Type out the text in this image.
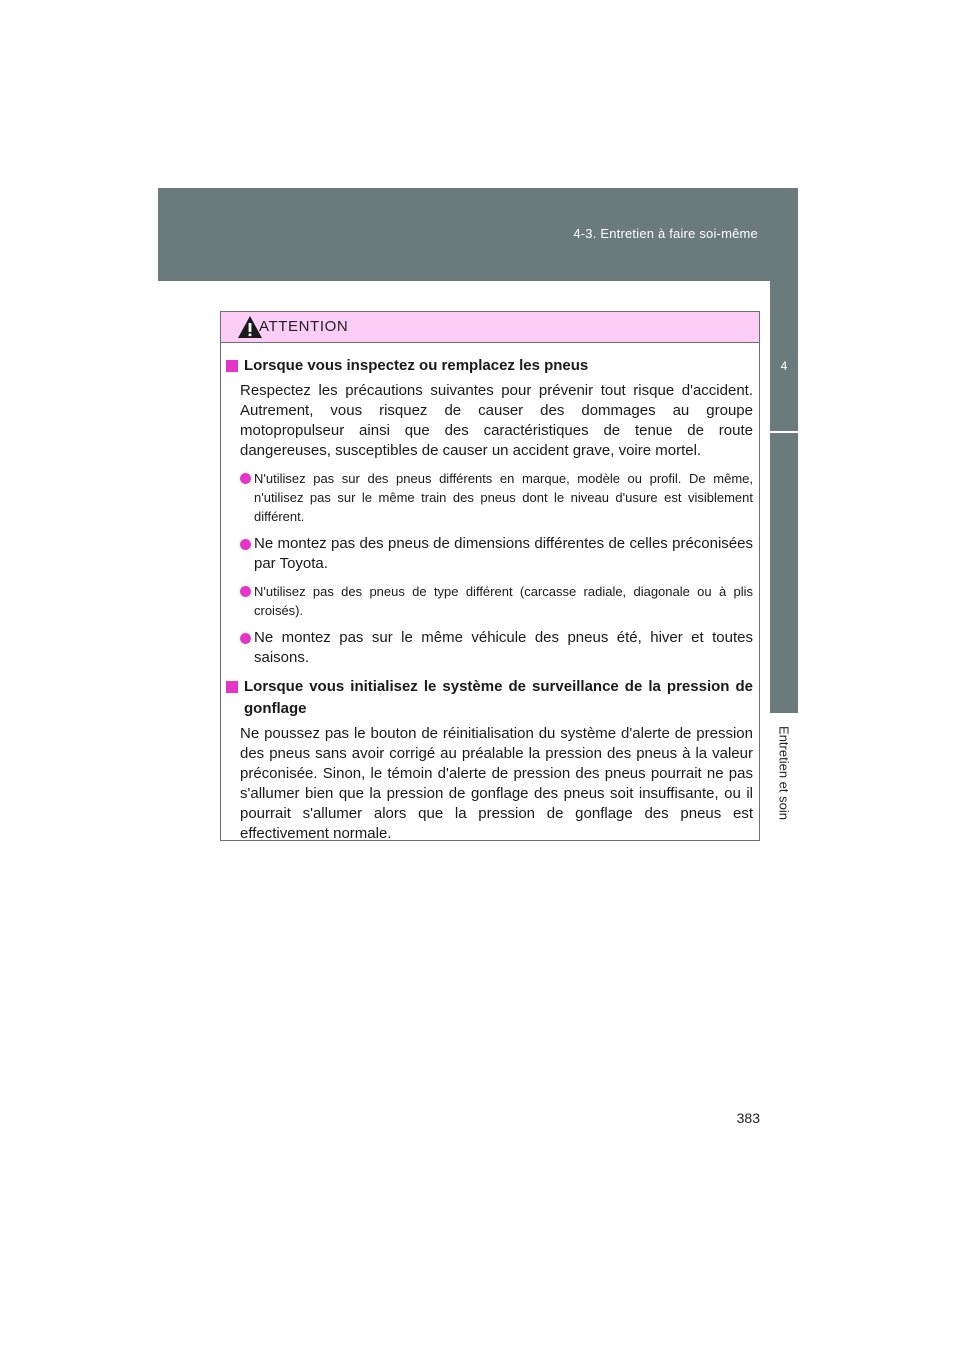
4-3. Entretien à faire soi-même
4
Entretien et soin
ATTENTION
Lorsque vous inspectez ou remplacez les pneus
Respectez les précautions suivantes pour prévenir tout risque d'accident. Autrement, vous risquez de causer des dommages au groupe motopropulseur ainsi que des caractéristiques de tenue de route dangereuses, susceptibles de causer un accident grave, voire mortel.
N'utilisez pas sur des pneus différents en marque, modèle ou profil. De même, n'utilisez pas sur le même train des pneus dont le niveau d'usure est visiblement différent.
Ne montez pas des pneus de dimensions différentes de celles préconisées par Toyota.
N'utilisez pas des pneus de type différent (carcasse radiale, diagonale ou à plis croisés).
Ne montez pas sur le même véhicule des pneus été, hiver et toutes saisons.
Lorsque vous initialisez le système de surveillance de la pression de gonflage
Ne poussez pas le bouton de réinitialisation du système d'alerte de pression des pneus sans avoir corrigé au préalable la pression des pneus à la valeur préconisée. Sinon, le témoin d'alerte de pression des pneus pourrait ne pas s'allumer bien que la pression de gonflage des pneus soit insuffisante, ou il pourrait s'allumer alors que la pression de gonflage des pneus est effectivement normale.
383
